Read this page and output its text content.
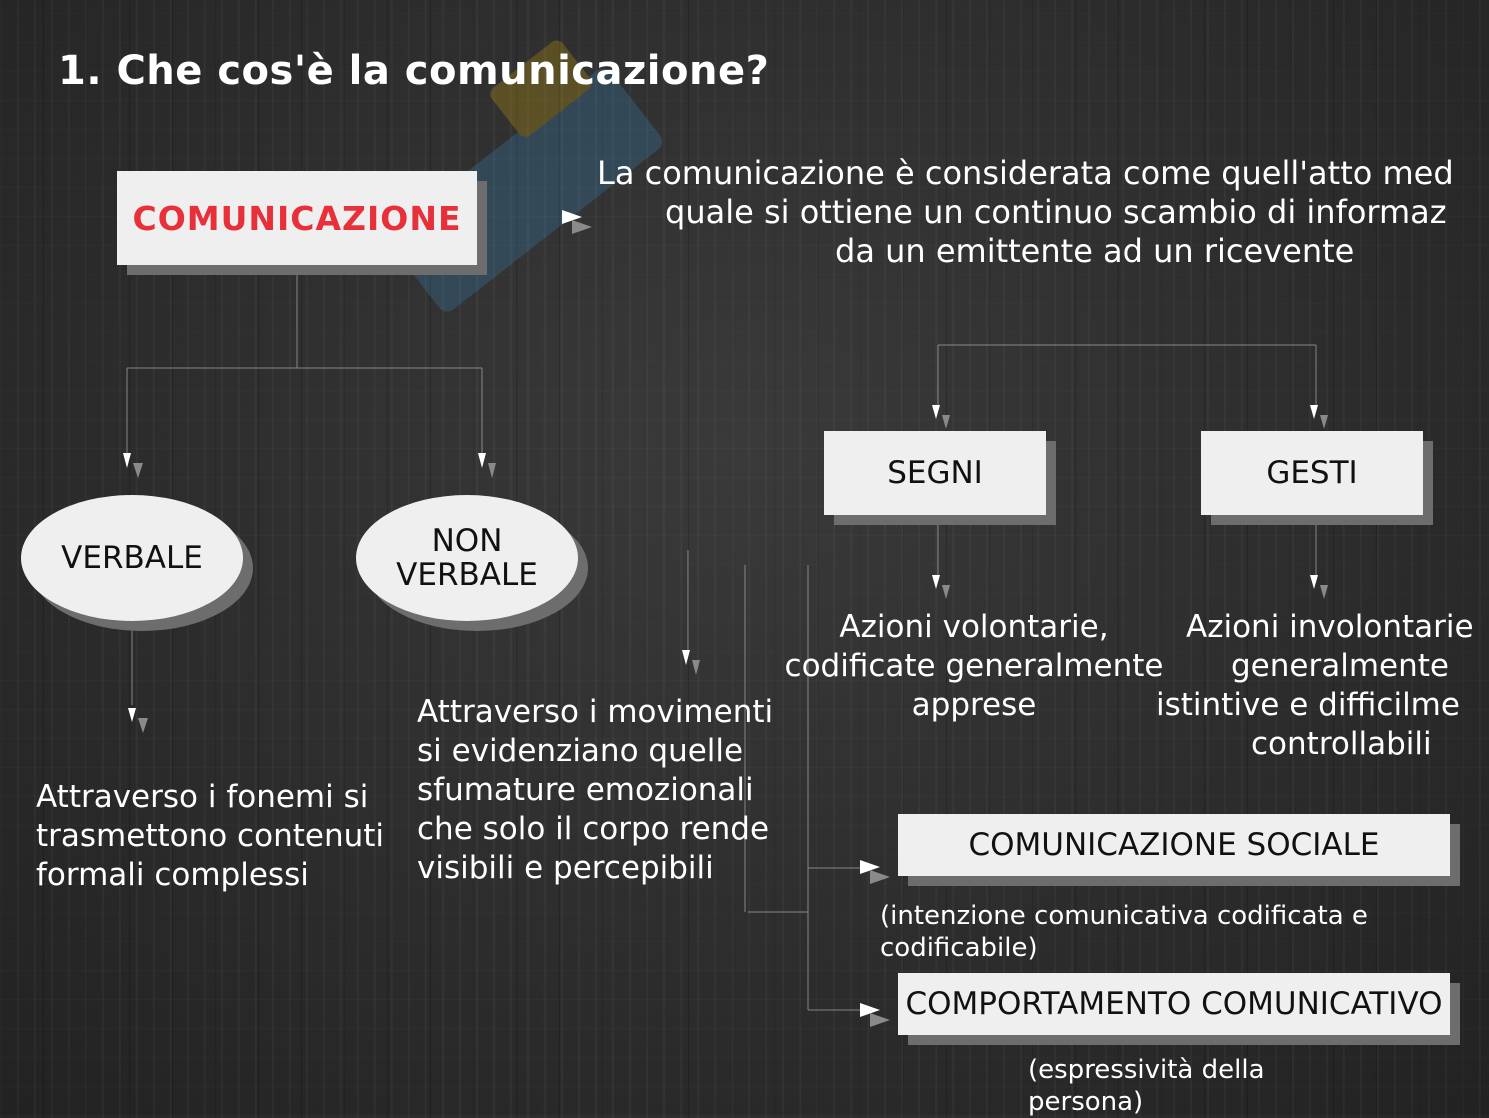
1. Che cos'è la comunicazione?
COMUNICAZIONE
La comunicazione è considerata come quell'atto med
quale si ottiene un continuo scambio di informaz
da un emittente ad un ricevente
VERBALE
Attraverso i fonemi si
trasmettono contenuti
formali complessi
NON
VERBALE
Attraverso i movimenti
si evidenziano quelle
sfumature emozionali
che solo il corpo rende
visibili e percepibili
SEGNI
Azioni volontarie,
codificate generalmente
apprese
GESTI
Azioni involontarie
generalmente
istintive e difficilme
controllabili
COMUNICAZIONE SOCIALE
(intenzione comunicativa codificata e
codificabile)
COMPORTAMENTO COMUNICATIVO
(espressività della
persona)
